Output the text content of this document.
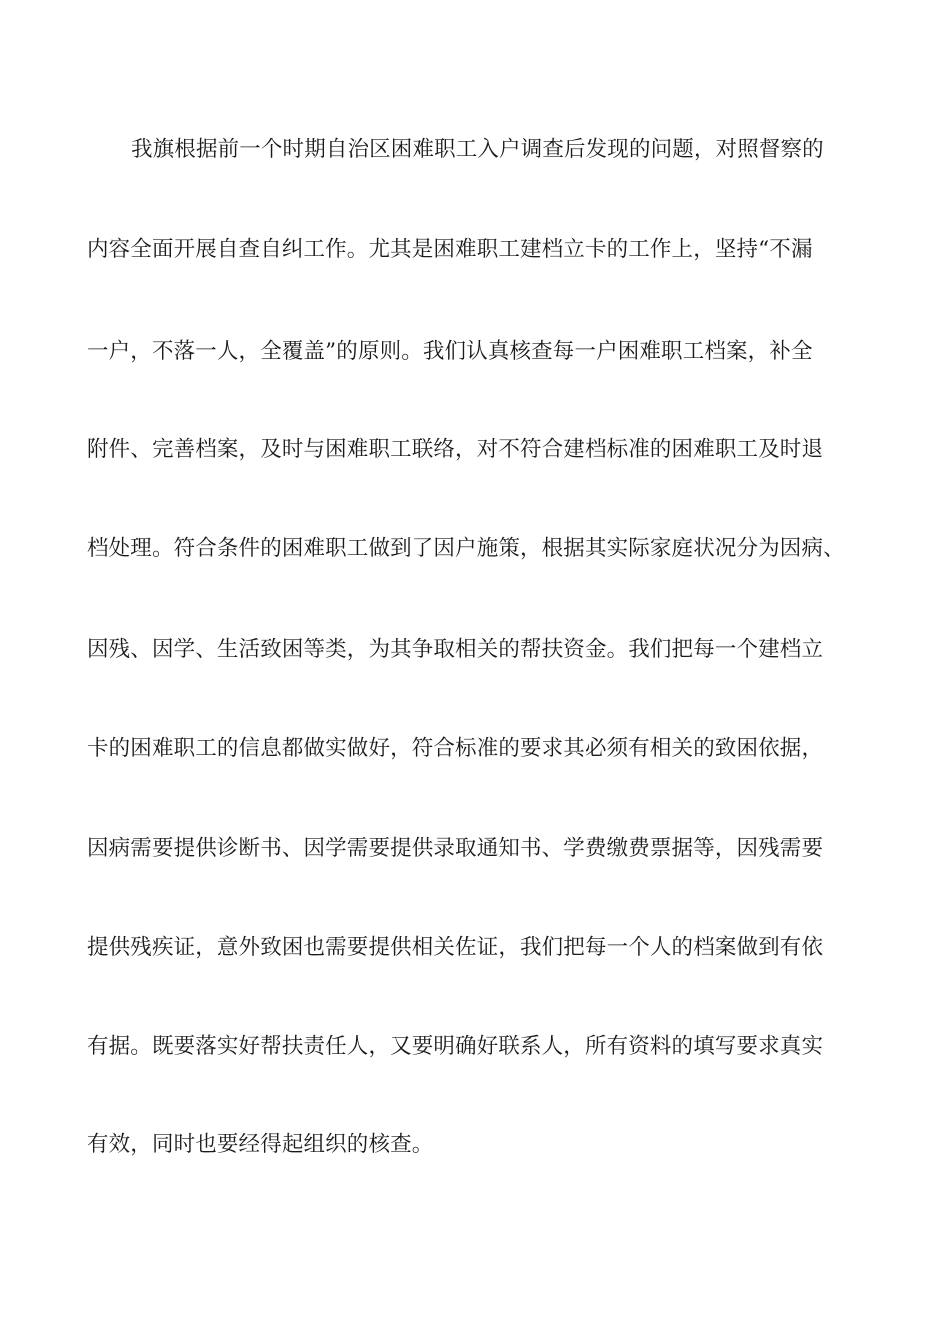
我旗根据前一个时期自治区困难职工入户调查后发现的问题，对照督察的
内容全面开展自查自纠工作。尤其是困难职工建档立卡的工作上，坚持“不漏
一户，不落一人，全覆盖”的原则。我们认真核查每一户困难职工档案，补全
附件、完善档案，及时与困难职工联络，对不符合建档标准的困难职工及时退
档处理。符合条件的困难职工做到了因户施策，根据其实际家庭状况分为因病、
因残、因学、生活致困等类，为其争取相关的帮扶资金。我们把每一个建档立
卡的困难职工的信息都做实做好，符合标准的要求其必须有相关的致困依据，
因病需要提供诊断书、因学需要提供录取通知书、学费缴费票据等，因残需要
提供残疾证，意外致困也需要提供相关佐证，我们把每一个人的档案做到有依
有据。既要落实好帮扶责任人，又要明确好联系人，所有资料的填写要求真实
有效，同时也要经得起组织的核查。
